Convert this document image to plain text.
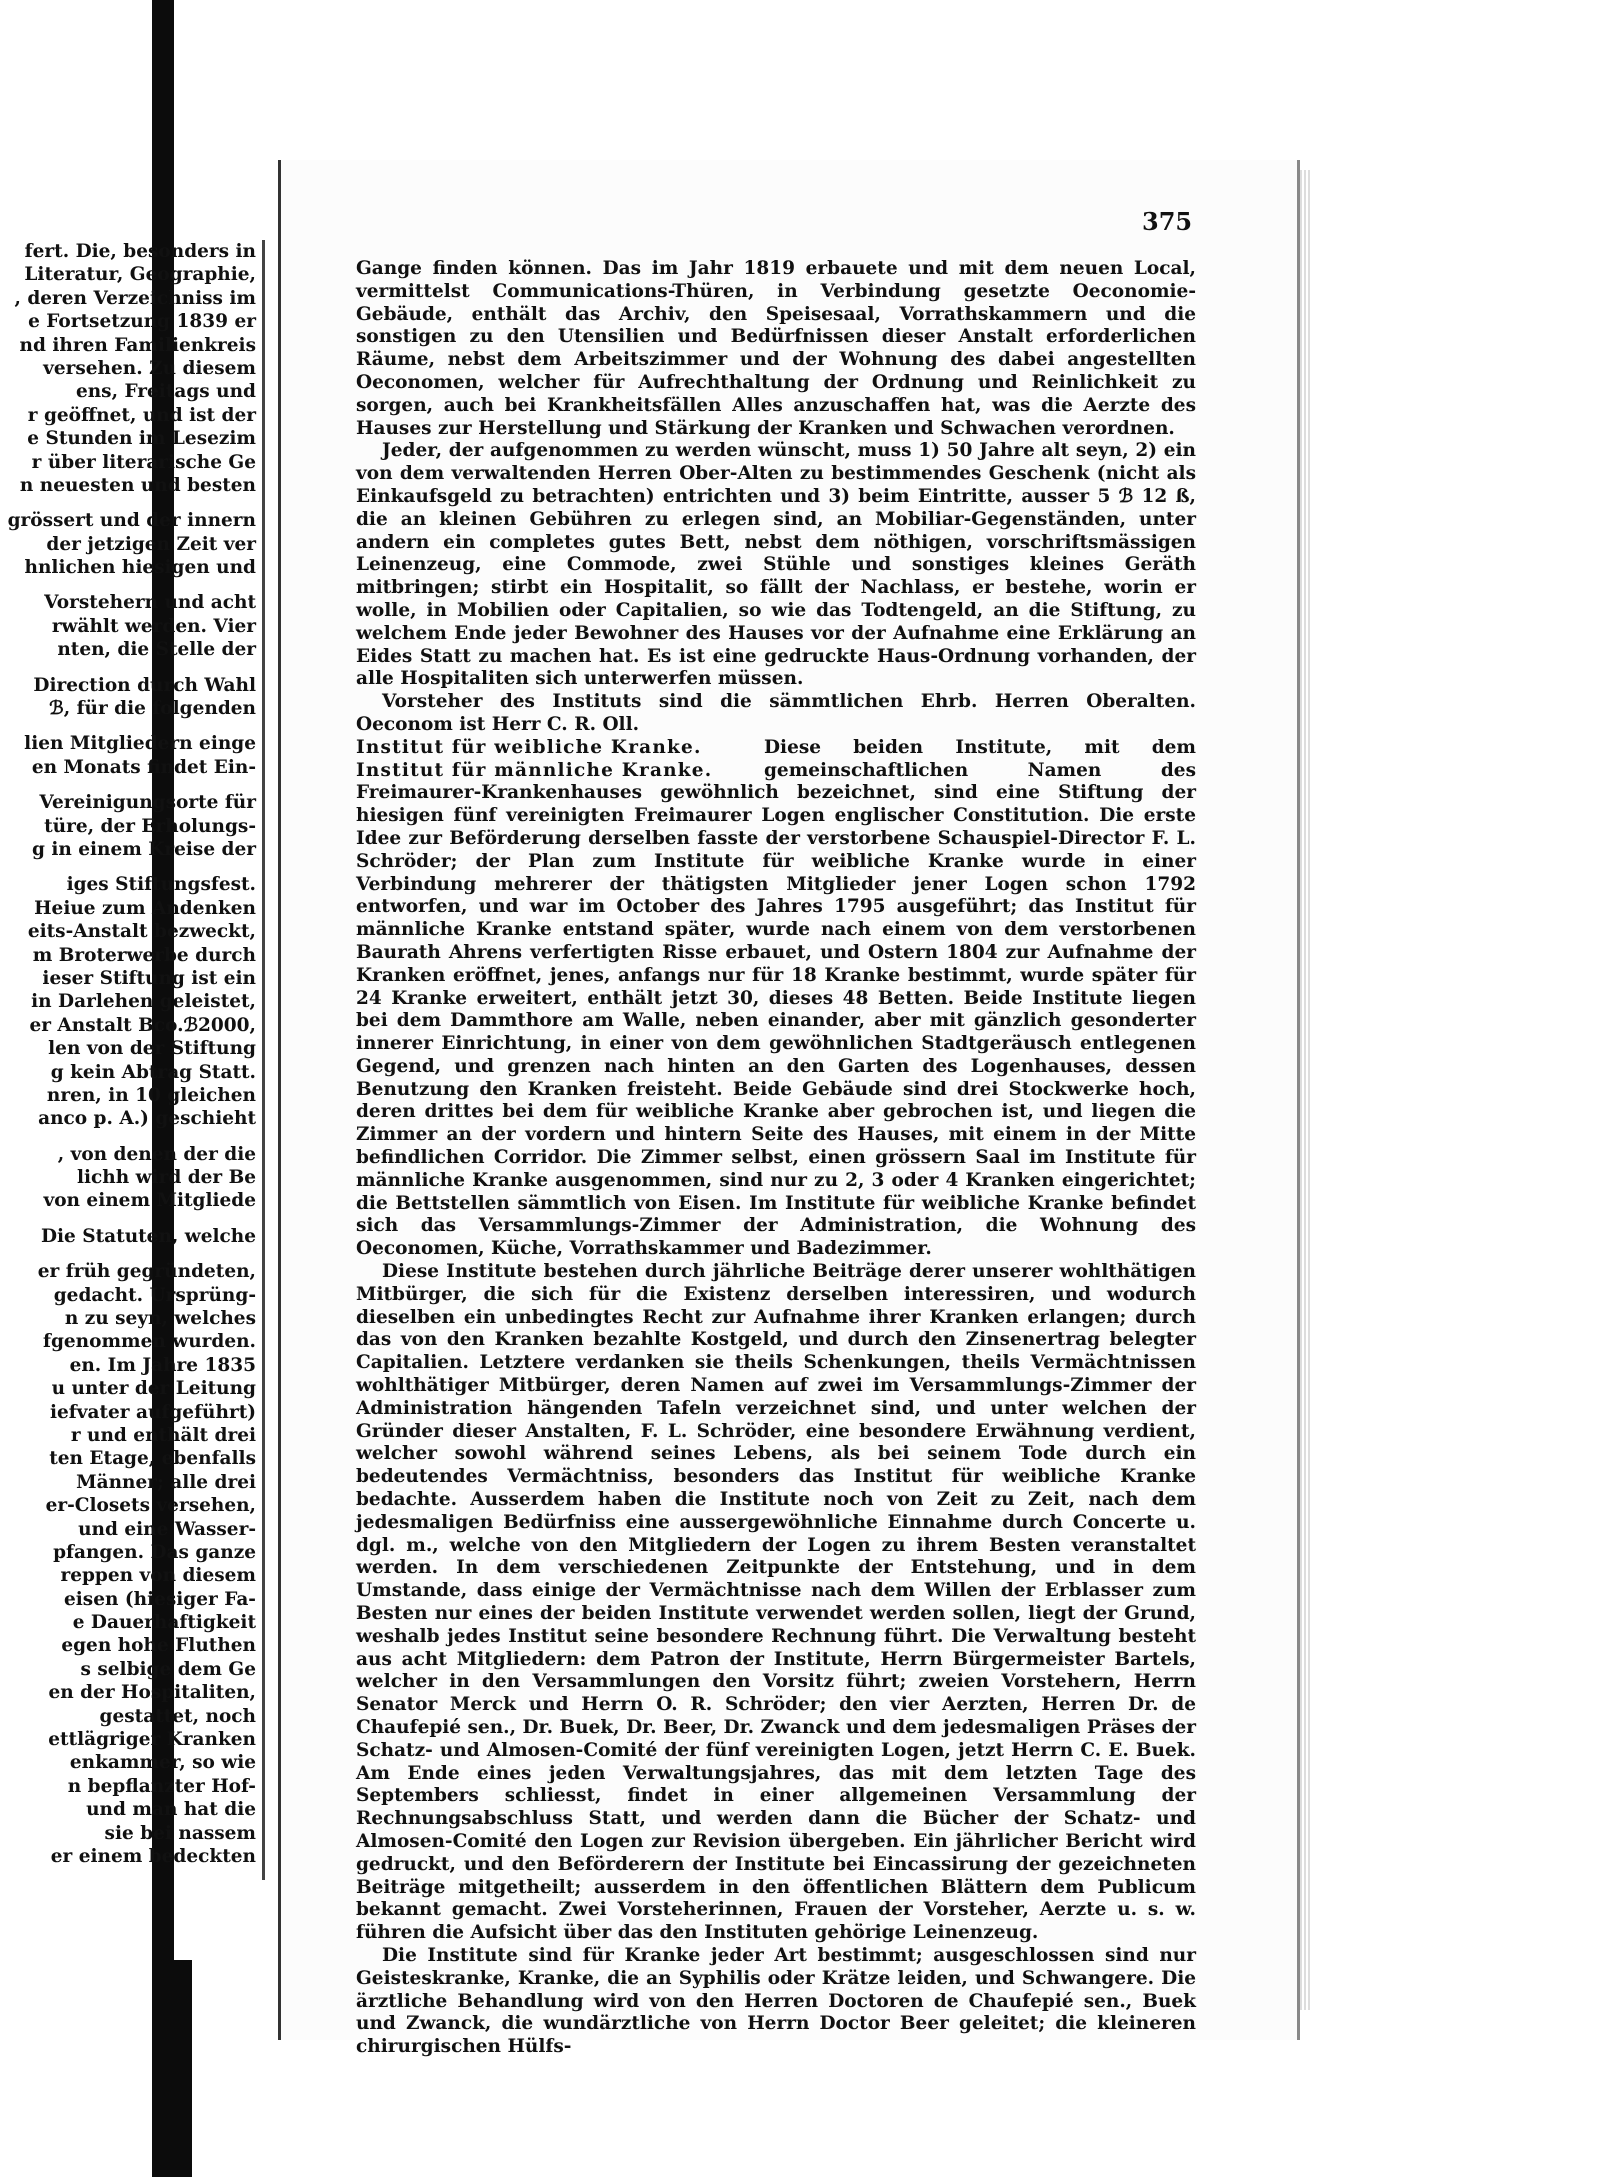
fert. Die, besonders in
Literatur, Geographie,
, deren Verzeichniss im
e Fortsetzung 1839 er
nd ihren Familienkreis
versehen. Zu diesem
ens, Freitags und
r geöffnet, und ist der
e Stunden im Lesezim
r über literarische Ge
n neuesten und besten
grössert und der innern
der jetzigen Zeit ver
hnlichen hiesigen und
Vorstehern und acht
rwählt werden. Vier
nten, die Stelle der
Direction durch Wahl
ℬ, für die folgenden
lien Mitgliedern einge
en Monats findet Ein-
Vereinigungsorte für
türe, der Erholungs-
g in einem Kreise der
iges Stiftungsfest.
Heiue zum Andenken
eits-Anstalt bezweckt,
m Broterwerbe durch
ieser Stiftung ist ein
in Darlehen geleistet,
er Anstalt Bco.ℬ2000,
len von der Stiftung
g kein Abtrag Statt.
nren, in 10 gleichen
anco p. A.) geschieht
, von denen der die
lichh wird der Be
von einem Mitgliede
Die Statuten, welche
er früh gegründeten,
gedacht. Ursprüng-
n zu seyn, welches
fgenommen wurden.
en. Im Jahre 1835
u unter der Leitung
iefvater aufgeführt)
r und enthält drei
ten Etage, ebenfalls
Männer; alle drei
er-Closets versehen,
und eine Wasser-
pfangen. Das ganze
reppen von diesem
eisen (hiesiger Fa-
e Dauerhaftigkeit
egen hohe Fluthen
s selbige dem Ge
en der Hospitaliten,
gestattet, noch
ettlägriger Kranken
enkammer, so wie
n bepflanzter Hof-
und man hat die
sie bei nassem
er einem bedeckten
375

Gange finden können. Das im Jahr 1819 erbauete und mit dem neuen Local, vermittelst Communications-Thüren, in Verbindung gesetzte Oeconomie-Gebäude, enthält das Archiv, den Speisesaal, Vorrathskammern und die sonstigen zu den Utensilien und Bedürfnissen dieser Anstalt erforderlichen Räume, nebst dem Arbeitszimmer und der Wohnung des dabei angestellten Oeconomen, welcher für Aufrechthaltung der Ordnung und Reinlichkeit zu sorgen, auch bei Krankheitsfällen Alles anzuschaffen hat, was die Aerzte des Hauses zur Herstellung und Stärkung der Kranken und Schwachen verordnen.

Jeder, der aufgenommen zu werden wünscht, muss 1) 50 Jahre alt seyn, 2) ein von dem verwaltenden Herren Ober-Alten zu bestimmendes Geschenk (nicht als Einkaufsgeld zu betrachten) entrichten und 3) beim Eintritte, ausser 5 ℬ 12 ß, die an kleinen Gebühren zu erlegen sind, an Mobiliar-Gegenständen, unter andern ein completes gutes Bett, nebst dem nöthigen, vorschriftsmässigen Leinenzeug, eine Commode, zwei Stühle und sonstiges kleines Geräth mitbringen; stirbt ein Hospitalit, so fällt der Nachlass, er bestehe, worin er wolle, in Mobilien oder Capitalien, so wie das Todtengeld, an die Stiftung, zu welchem Ende jeder Bewohner des Hauses vor der Aufnahme eine Erklärung an Eides Statt zu machen hat. Es ist eine gedruckte Haus-Ordnung vorhanden, der alle Hospitaliten sich unterwerfen müssen.

Vorsteher des Instituts sind die sämmtlichen Ehrb. Herren Oberalten. Oeconom ist Herr C. R. Oll.

Institut für weibliche Kranke.
Institut für männliche Kranke.
Diese beiden Institute, mit dem gemeinschaftlichen Namen des Freimaurer-Krankenhauses gewöhnlich bezeichnet, sind eine Stiftung der hiesigen fünf vereinigten Freimaurer Logen englischer Constitution. Die erste Idee zur Beförderung derselben fasste der verstorbene Schauspiel-Director F. L. Schröder; der Plan zum Institute für weibliche Kranke wurde in einer Verbindung mehrerer der thätigsten Mitglieder jener Logen schon 1792 entworfen, und war im October des Jahres 1795 ausgeführt; das Institut für männliche Kranke entstand später, wurde nach einem von dem verstorbenen Baurath Ahrens verfertigten Risse erbauet, und Ostern 1804 zur Aufnahme der Kranken eröffnet, jenes, anfangs nur für 18 Kranke bestimmt, wurde später für 24 Kranke erweitert, enthält jetzt 30, dieses 48 Betten. Beide Institute liegen bei dem Dammthore am Walle, neben einander, aber mit gänzlich gesonderter innerer Einrichtung, in einer von dem gewöhnlichen Stadtgeräusch entlegenen Gegend, und grenzen nach hinten an den Garten des Logenhauses, dessen Benutzung den Kranken freisteht. Beide Gebäude sind drei Stockwerke hoch, deren drittes bei dem für weibliche Kranke aber gebrochen ist, und liegen die Zimmer an der vordern und hintern Seite des Hauses, mit einem in der Mitte befindlichen Corridor. Die Zimmer selbst, einen grössern Saal im Institute für männliche Kranke ausgenommen, sind nur zu 2, 3 oder 4 Kranken eingerichtet; die Bettstellen sämmtlich von Eisen. Im Institute für weibliche Kranke befindet sich das Versammlungs-Zimmer der Administration, die Wohnung des Oeconomen, Küche, Vorrathskammer und Badezimmer.

Diese Institute bestehen durch jährliche Beiträge derer unserer wohlthätigen Mitbürger, die sich für die Existenz derselben interessiren, und wodurch dieselben ein unbedingtes Recht zur Aufnahme ihrer Kranken erlangen; durch das von den Kranken bezahlte Kostgeld, und durch den Zinsenertrag belegter Capitalien. Letztere verdanken sie theils Schenkungen, theils Vermächtnissen wohlthätiger Mitbürger, deren Namen auf zwei im Versammlungs-Zimmer der Administration hängenden Tafeln verzeichnet sind, und unter welchen der Gründer dieser Anstalten, F. L. Schröder, eine besondere Erwähnung verdient, welcher sowohl während seines Lebens, als bei seinem Tode durch ein bedeutendes Vermächtniss, besonders das Institut für weibliche Kranke bedachte. Ausserdem haben die Institute noch von Zeit zu Zeit, nach dem jedesmaligen Bedürfniss eine aussergewöhnliche Einnahme durch Concerte u. dgl. m., welche von den Mitgliedern der Logen zu ihrem Besten veranstaltet werden. In dem verschiedenen Zeitpunkte der Entstehung, und in dem Umstande, dass einige der Vermächtnisse nach dem Willen der Erblasser zum Besten nur eines der beiden Institute verwendet werden sollen, liegt der Grund, weshalb jedes Institut seine besondere Rechnung führt. Die Verwaltung besteht aus acht Mitgliedern: dem Patron der Institute, Herrn Bürgermeister Bartels, welcher in den Versammlungen den Vorsitz führt; zweien Vorstehern, Herrn Senator Merck und Herrn O. R. Schröder; den vier Aerzten, Herren Dr. de Chaufepié sen., Dr. Buek, Dr. Beer, Dr. Zwanck und dem jedesmaligen Präses der Schatz- und Almosen-Comité der fünf vereinigten Logen, jetzt Herrn C. E. Buek. Am Ende eines jeden Verwaltungsjahres, das mit dem letzten Tage des Septembers schliesst, findet in einer allgemeinen Versammlung der Rechnungsabschluss Statt, und werden dann die Bücher der Schatz- und Almosen-Comité den Logen zur Revision übergeben. Ein jährlicher Bericht wird gedruckt, und den Beförderern der Institute bei Eincassirung der gezeichneten Beiträge mitgetheilt; ausserdem in den öffentlichen Blättern dem Publicum bekannt gemacht. Zwei Vorsteherinnen, Frauen der Vorsteher, Aerzte u. s. w. führen die Aufsicht über das den Instituten gehörige Leinenzeug.

Die Institute sind für Kranke jeder Art bestimmt; ausgeschlossen sind nur Geisteskranke, Kranke, die an Syphilis oder Krätze leiden, und Schwangere. Die ärztliche Behandlung wird von den Herren Doctoren de Chaufepié sen., Buek und Zwanck, die wundärztliche von Herrn Doctor Beer geleitet; die kleineren chirurgischen Hülfs-
